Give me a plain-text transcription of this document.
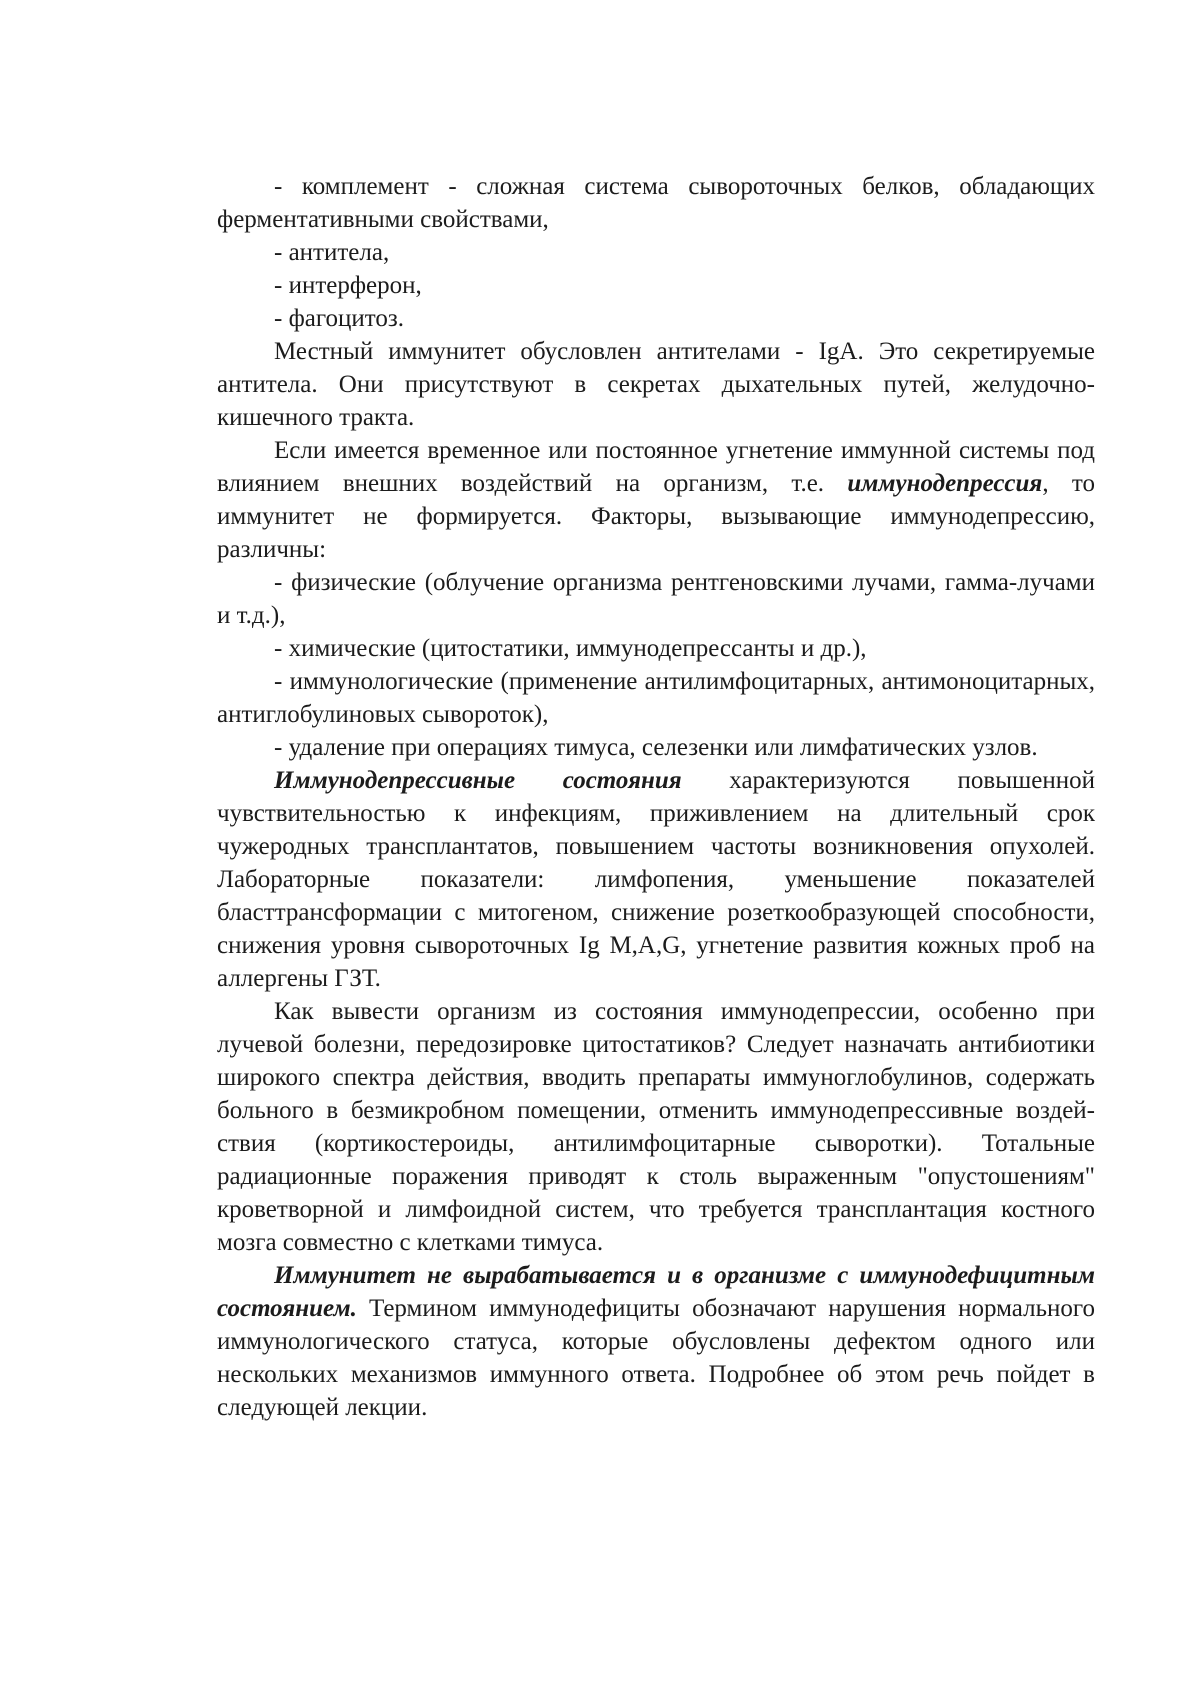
- комплемент - сложная система сывороточных белков, обладающих ферментативными свойствами,

- антитела,

- интерферон,

- фагоцитоз.

Местный иммунитет обусловлен антителами - IgA. Это секретируемые антитела. Они присутствуют в секретах дыхательных путей, желудочно-кишечного тракта.

Если имеется временное или постоянное угнетение иммунной системы под влиянием внешних воздействий на организм, т.е. иммунодепрессия, то иммунитет не формируется. Факторы, вызывающие иммунодепрессию, различны:

- физические (облучение организма рентгеновскими лучами, гамма-лучами и т.д.),

- химические (цитостатики, иммунодепрессанты и др.),

- иммунологические (применение антилимфоцитарных, антимоноцитарных, антиглобулиновых сывороток),

- удаление при операциях тимуса, селезенки или лимфатических узлов.

Иммунодепрессивные состояния характеризуются повышенной чувствительностью к инфекциям, приживлением на длительный срок чужеродных трансплантатов, повышением частоты возникновения опухолей. Лабораторные показатели: лимфопения, уменьшение показателей бласттрансформации с митогеном, снижение розеткообразующей способности, снижения уровня сывороточных Ig M,A,G, угнетение развития кожных проб на аллергены ГЗТ.

Как вывести организм из состояния иммунодепрессии, особенно при лучевой болезни, передозировке цитостатиков? Следует назначать антибиотики широкого спектра действия, вводить препараты иммуноглобулинов, содержать больного в безмикробном помещении, отменить иммунодепрессивные воздей-ствия (кортикостероиды, антилимфоцитарные сыворотки). Тотальные радиационные поражения приводят к столь выраженным "опустошениям" кроветворной и лимфоидной систем, что требуется трансплантация костного мозга совместно с клетками тимуса.

Иммунитет не вырабатывается и в организме с иммунодефицитным состоянием. Термином иммунодефициты обозначают нарушения нормального иммунологического статуса, которые обусловлены дефектом одного или нескольких механизмов иммунного ответа. Подробнее об этом речь пойдет в следующей лекции.
